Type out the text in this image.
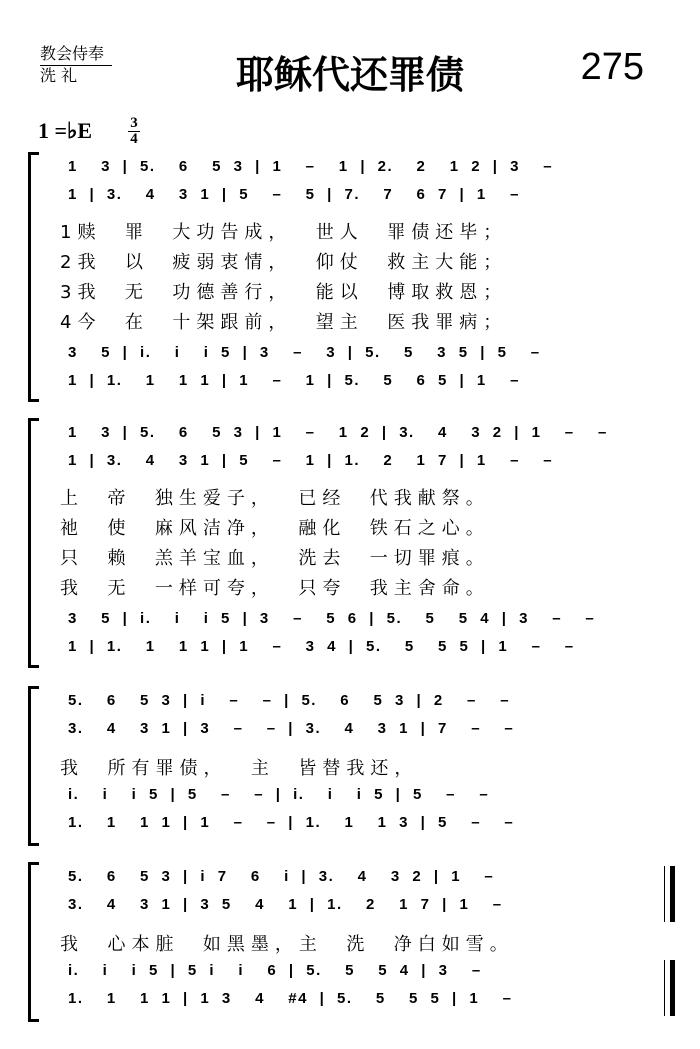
教会侍奉
洗 礼	耶稣代还罪债	275
1 =♭E	3
4
1  3 | 5.  6  5 3 | 1  –  1 | 2.  2  1 2 | 3  –
1 | 3.  4  3 1 | 5  –  5 | 7.  7  6 7 | 1  –
1赎  罪  大功告成，  世人  罪债还毕；
2我  以  疲弱衷情，  仰仗  救主大能；
3我  无  功德善行，  能以  博取救恩；
4今  在  十架跟前，  望主  医我罪病；
3  5 | i.  i  i 5 | 3  –  3 | 5.  5  3 5 | 5  –
1 | 1.  1  1 1 | 1  –  1 | 5.  5  6 5 | 1  –
1  3 | 5.  6  5 3 | 1  –  1 2 | 3.  4  3 2 | 1  –  –
1 | 3.  4  3 1 | 5  –  1 | 1.  2  1 7 | 1  –  –
上  帝  独生爱子，  已经  代我献祭。
祂  使  麻风洁净，  融化  铁石之心。
只  赖  羔羊宝血，  洗去  一切罪痕。
我  无  一样可夸，  只夸  我主舍命。
3  5 | i.  i  i 5 | 3  –  5 6 | 5.  5  5 4 | 3  –  –
1 | 1.  1  1 1 | 1  –  3 4 | 5.  5  5 5 | 1  –  –
5.  6  5 3 | i  –  – | 5.  6  5 3 | 2  –  –
3.  4  3 1 | 3  –  – | 3.  4  3 1 | 7  –  –
我  所有罪债，  主  皆替我还，
i.  i  i 5 | 5  –  – | i.  i  i 5 | 5  –  –
1.  1  1 1 | 1  –  – | 1.  1  1 3 | 5  –  –
5.  6  5 3 | i 7  6  i | 3.  4  3 2 | 1  –
3.  4  3 1 | 3 5  4  1 | 1.  2  1 7 | 1  –
我  心本脏  如黑墨，主  洗  净白如雪。
i.  i  i 5 | 5 i  i  6 | 5.  5  5 4 | 3  –
1.  1  1 1 | 1 3  4  #4 | 5.  5  5 5 | 1  –
